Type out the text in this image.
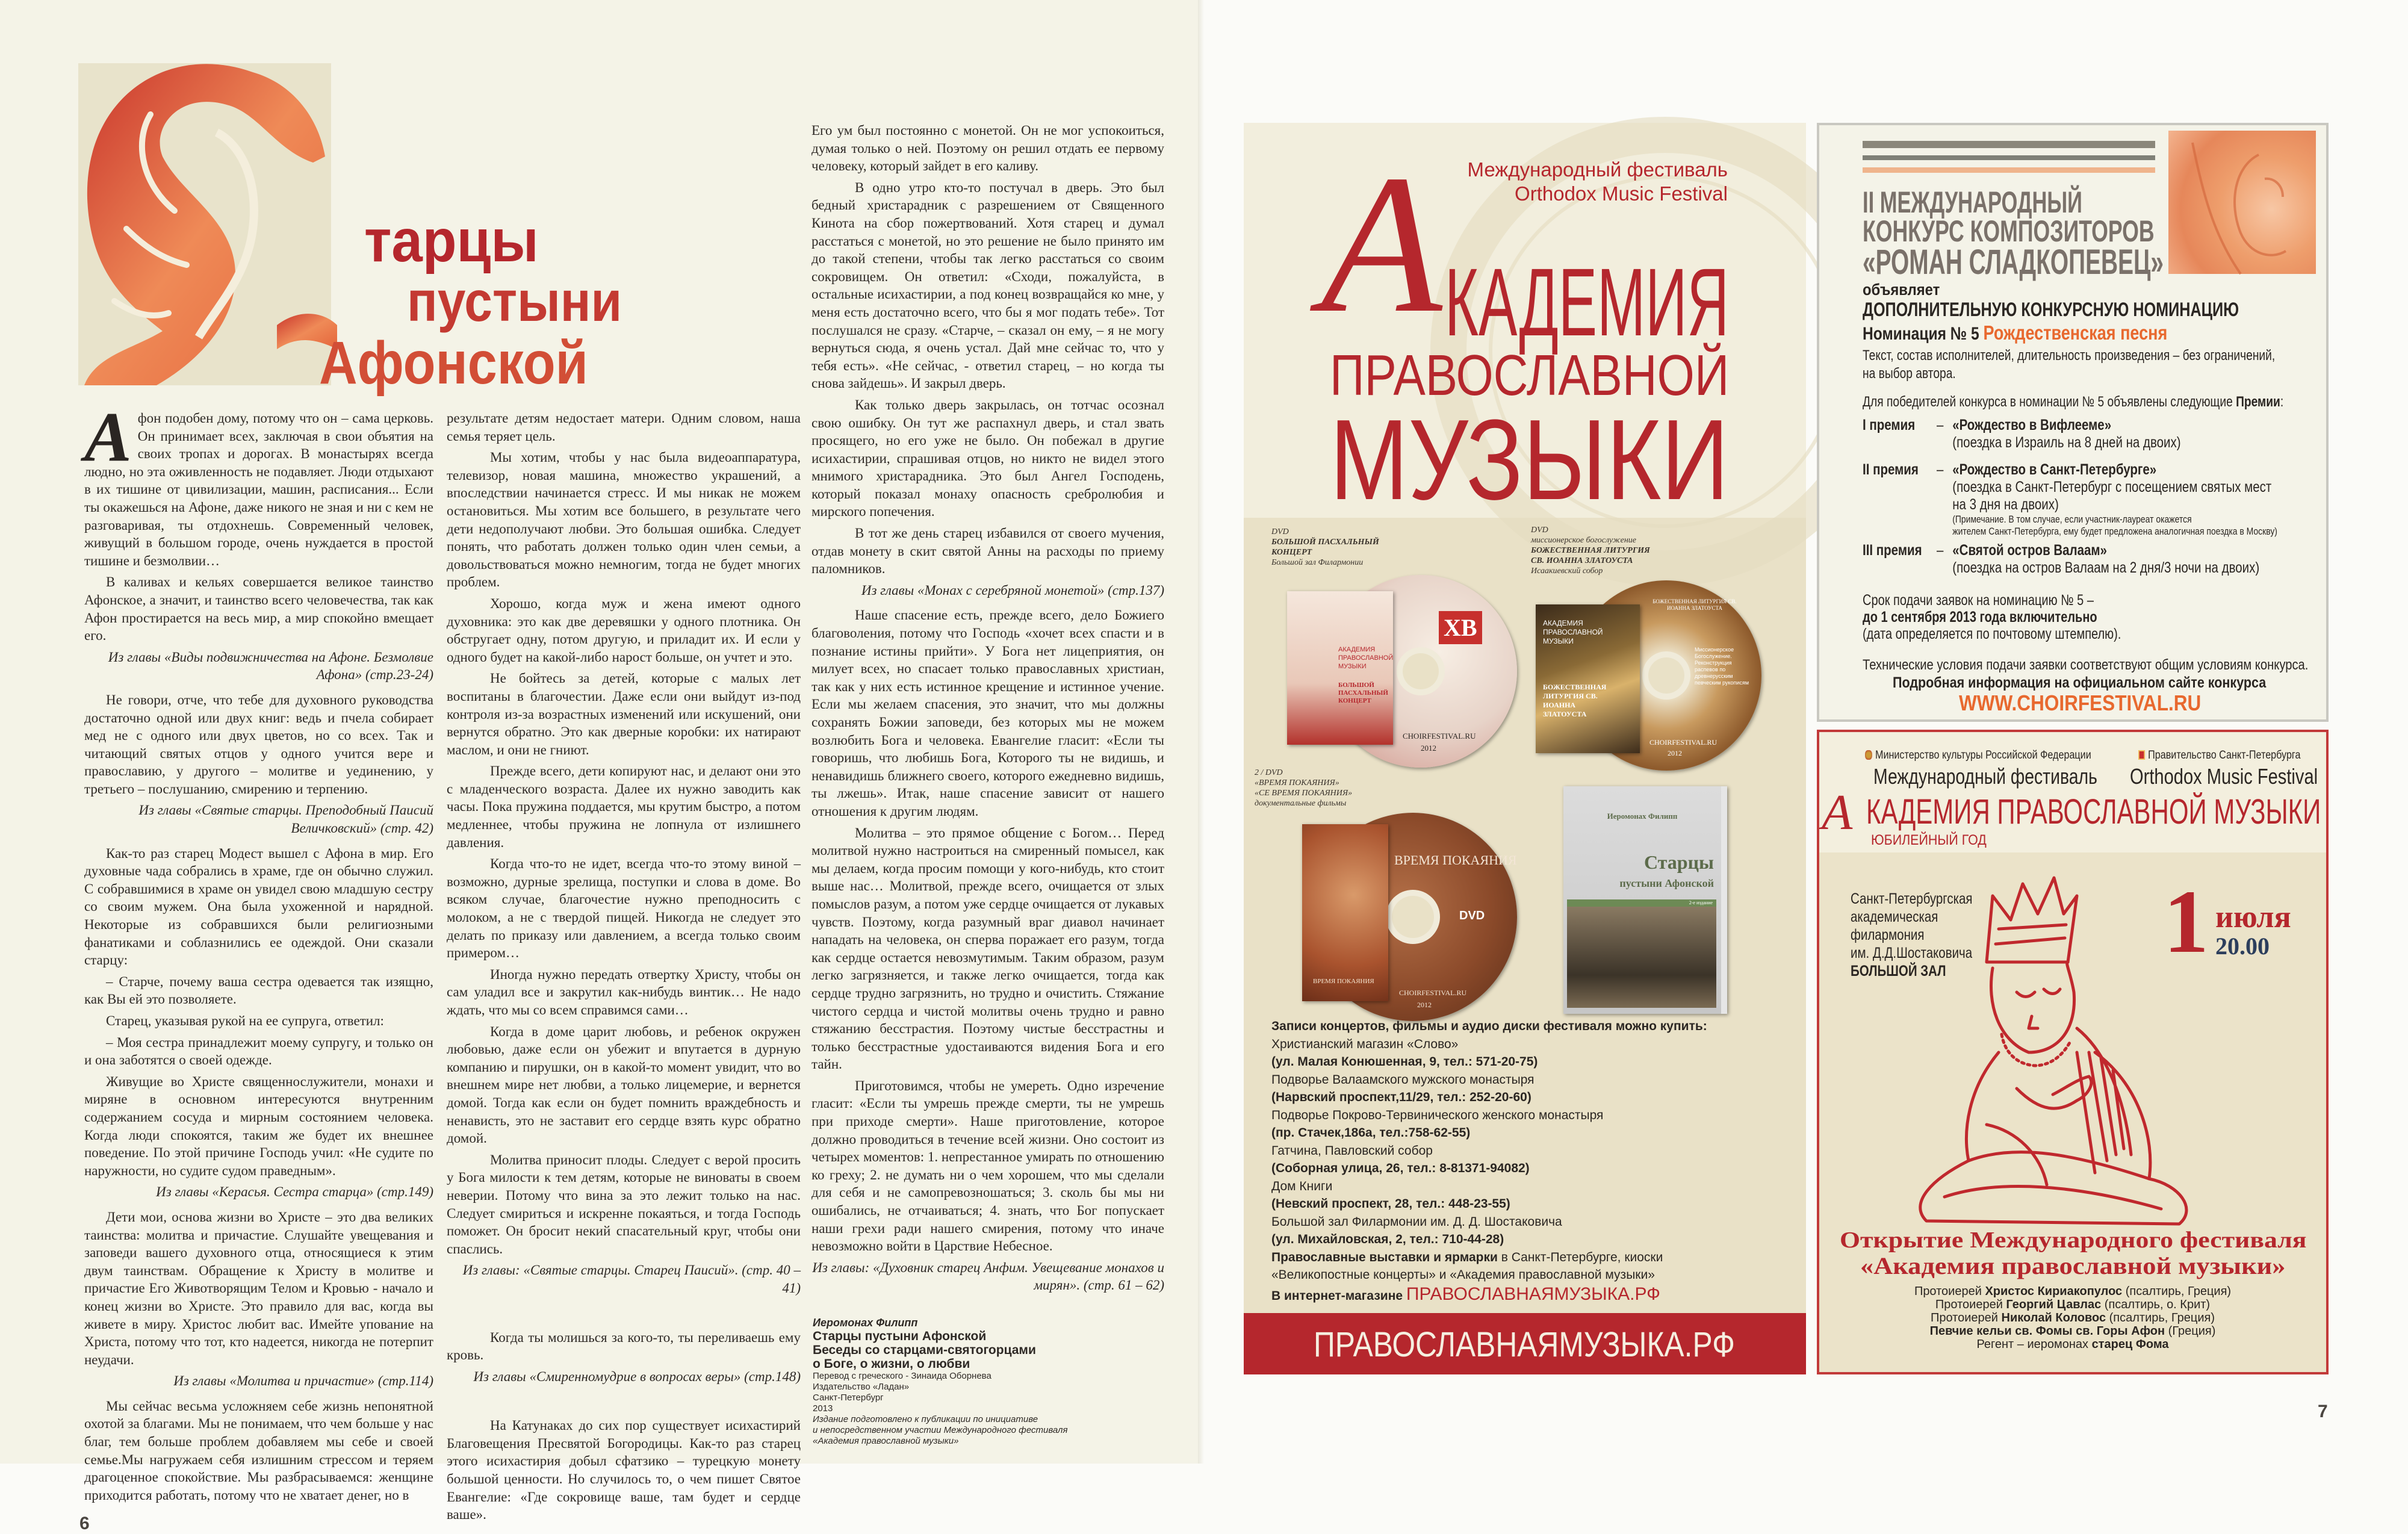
тарцы
пустыни
Афонской

Афон подобен дому, потому что он – сама церковь. Он принимает всех, заключая в свои объятия на своих тропах и дорогах. В монастырях всегда людно, но эта оживленность не подавляет. Люди отдыхают в их тишине от цивилизации, машин, расписания... Если ты окажешься на Афоне, даже никого не зная и ни с кем не разговаривая, ты отдохнешь. Современный человек, живущий в большом городе, очень нуждается в простой тишине и безмолвии…

В каливах и кельях совершается великое таинство Афонское, а значит, и таинство всего человечества, так как Афон простирается на весь мир, а мир спокойно вмещает его.

Из главы «Виды подвижничества на Афоне. Безмолвие Афона» (стр.23-24)

Не говори, отче, что тебе для духовного руководства достаточно одной или двух книг: ведь и пчела собирает мед не с одного или двух цветов, но со всех. Так и читающий святых отцов у одного учится вере и православию, у другого – молитве и уединению, у третьего – послушанию, смирению и терпению.

Из главы «Святые старцы. Преподобный Паисий Величковский» (стр. 42)

Как-то раз старец Модест вышел с Афона в мир. Его духовные чада собрались в храме, где он обычно служил. С собравшимися в храме он увидел свою младшую сестру со своим мужем. Она была ухоженной и нарядной. Некоторые из собравшихся были религиозными фанатиками и соблазнились ее одеждой. Они сказали старцу:

– Старче, почему ваша сестра одевается так изящно, как Вы ей это позволяете.

Старец, указывая рукой на ее супруга, ответил:

– Моя сестра принадлежит моему супругу, и только он и она заботятся о своей одежде.

Живущие во Христе священнослужители, монахи и миряне в основном интересуются внутренним содержанием сосуда и мирным состоянием человека. Когда люди спокоятся, таким же будет их внешнее поведение. По этой причине Господь учил: «Не судите по наружности, но судите судом праведным».

Из главы «Керасья. Сестра старца» (стр.149)

Дети мои, основа жизни во Христе – это два великих таинства: молитва и причастие. Слушайте увещевания и заповеди вашего духовного отца, относящиеся к этим двум таинствам. Обращение к Христу в молитве и причастие Его Животворящим Телом и Кровью - начало и конец жизни во Христе. Это правило для вас, когда вы живете в миру. Христос любит вас. Имейте упование на Христа, потому что тот, кто надеется, никогда не потерпит неудачи.

Из главы «Молитва и причастие» (стр.114)

Мы сейчас весьма усложняем себе жизнь непонятной охотой за благами. Мы не понимаем, что чем больше у нас благ, тем больше проблем добавляем мы себе и своей семье.Мы нагружаем себя излишним стрессом и теряем драгоценное спокойствие. Мы разбрасываемся: женщине приходится работать, потому что не хватает денег, но в

результате детям недостает матери. Одним словом, наша семья теряет цель.

Мы хотим, чтобы у нас была видеоаппаратура, телевизор, новая машина, множество украшений, а впоследствии начинается стресс. И мы никак не можем остановиться. Мы хотим все большего, в результате чего дети недополучают любви. Это большая ошибка. Следует понять, что работать должен только один член семьи, а довольствоваться можно немногим, тогда не будет многих проблем.

Хорошо, когда муж и жена имеют одного духовника: это как две деревяшки у одного плотника. Он обстругает одну, потом другую, и приладит их. И если у одного будет на какой-либо нарост больше, он учтет и это.

Не бойтесь за детей, которые с малых лет воспитаны в благочестии. Даже если они выйдут из-под контроля из-за возрастных изменений или искушений, они вернутся обратно. Это как дверные коробки: их натирают маслом, и они не гниют.

Прежде всего, дети копируют нас, и делают они это с младенческого возраста. Далее их нужно заводить как часы. Пока пружина поддается, мы крутим быстро, а потом медленнее, чтобы пружина не лопнула от излишнего давления.

Когда что-то не идет, всегда что-то этому виной – возможно, дурные зрелища, поступки и слова в доме. Во всяком случае, благочестие нужно преподносить с молоком, а не с твердой пищей. Никогда не следует это делать по приказу или давлением, а всегда только своим примером…

Иногда нужно передать отвертку Христу, чтобы он сам уладил все и закрутил как-нибудь винтик… Не надо ждать, что мы со всем справимся сами…

Когда в доме царит любовь, и ребенок окружен любовью, даже если он убежит и впутается в дурную компанию и пирушки, он в какой-то момент увидит, что во внешнем мире нет любви, а только лицемерие, и вернется домой. Тогда как если он будет помнить враждебность и ненависть, это не заставит его сердце взять курс обратно домой.

Молитва приносит плоды. Следует с верой просить у Бога милости к тем детям, которые не виноваты в своем неверии. Потому что вина за это лежит только на нас. Следует смириться и искренне покаяться, и тогда Господь поможет. Он бросит некий спасательный круг, чтобы они спаслись.

Из главы: «Святые старцы. Старец Паисий». (стр. 40 – 41)

Когда ты молишься за кого-то, ты переливаешь ему кровь.

Из главы «Смиренномудрие в вопросах веры» (стр.148)

На Катунаках до сих пор существует исихастирий Благовещения Пресвятой Богородицы. Как-то раз старец этого исихастирия добыл сфатзико – турецкую монету большой ценности. Но случилось то, о чем пишет Святое Евангелие: «Где сокровище ваше, там будет и сердце ваше».

Его ум был постоянно с монетой. Он не мог успокоиться, думая только о ней. Поэтому он решил отдать ее первому человеку, который зайдет в его каливу.

В одно утро кто-то постучал в дверь. Это был бедный христарадник с разрешением от Священного Кинота на сбор пожертвований. Хотя старец и думал расстаться с монетой, но это решение не было принято им до такой степени, чтобы так легко расстаться со своим сокровищем. Он ответил: «Сходи, пожалуйста, в остальные исихастирии, а под конец возвращайся ко мне, у меня есть достаточно всего, что бы я мог подать тебе». Тот послушался не сразу. «Старче, – сказал он ему, – я не могу вернуться сюда, я очень устал. Дай мне сейчас то, что у тебя есть». «Не сейчас, - ответил старец, – но когда ты снова зайдешь». И закрыл дверь.

Как только дверь закрылась, он тотчас осознал свою ошибку. Он тут же распахнул дверь, и стал звать просящего, но его уже не было. Он побежал в другие исихастирии, спрашивая отцов, но никто не видел этого мнимого христарадника. Это был Ангел Господень, который показал монаху опасность сребролюбия и мирского попечения.

В тот же день старец избавился от своего мучения, отдав монету в скит святой Анны на расходы по приему паломников.

Из главы «Монах с серебряной монетой» (стр.137)

Наше спасение есть, прежде всего, дело Божиего благоволения, потому что Господь «хочет всех спасти и в познание истины прийти». У Бога нет лицеприятия, он милует всех, но спасает только православных христиан, так как у них есть истинное крещение и истинное учение. Если мы желаем спасения, это значит, что мы должны сохранять Божии заповеди, без которых мы не можем возлюбить Бога и человека. Евангелие гласит: «Если ты говоришь, что любишь Бога, Которого ты не видишь, и ненавидишь ближнего своего, которого ежедневно видишь, ты лжешь». Итак, наше спасение зависит от нашего отношения к другим людям.

Молитва – это прямое общение с Богом… Перед молитвой нужно настроиться на смиренный помысел, как мы делаем, когда просим помощи у кого-нибудь, кто стоит выше нас… Молитвой, прежде всего, очищается от злых помыслов разум, а потом уже сердце очищается от лукавых чувств. Поэтому, когда разумный враг диавол начинает нападать на человека, он сперва поражает его разум, тогда как сердце остается невозмутимым. Таким образом, разум легко загрязняется, и также легко очищается, тогда как сердце трудно загрязнить, но трудно и очистить. Стяжание чистого сердца и чистой молитвы очень трудно и равно стяжанию бесстрастия. Поэтому чистые бесстрастны и только бесстрастные удостаиваются видения Бога и его тайн.

Приготовимся, чтобы не умереть. Одно изречение гласит: «Если ты умрешь прежде смерти, ты не умрешь при приходе смерти». Наше приготовление, которое должно проводиться в течение всей жизни. Оно состоит из четырех моментов: 1. непрестанное умирать по отношению ко греху; 2. не думать ни о чем хорошем, что мы сделали для себя и не самопревозношаться; 3. сколь бы мы ни ошибались, не отчаиваться; 4. знать, что Бог попускает наши грехи ради нашего смирения, потому что иначе невозможно войти в Царствие Небесное.

Из главы: «Духовник старец Анфим. Увещевание монахов и мирян». (стр. 61 – 62)

Иеромонах Филипп
Старцы пустыни Афонской
Беседы со старцами-святогорцами
о Боге, о жизни, о любви
Перевод с греческого - Зинаида Оборнева
Издательство «Ладан»
Санкт-Петербург
2013
Издание подготовлено к публикации по инициативе
и непосредственном участии Международного фестиваля
«Академия православной музыки»
6
7
Международный фестиваль
Orthodox Music Festival
А КАДЕМИЯ
ПРАВОСЛАВНОЙ
МУЗЫКИ
DVD
БОЛЬШОЙ ПАСХАЛЬНЫЙ
КОНЦЕРТ
Большой зал Филармонии
ХВ
CHOIRFESTIVAL.RU
2012
АКАДЕМИЯ ПРАВОСЛАВНОЙ МУЗЫКИ
БОЛЬШОЙ ПАСХАЛЬНЫЙ КОНЦЕРТ
DVD
миссионерское богослужение
БОЖЕСТВЕННАЯ ЛИТУРГИЯ
СВ. ИОАННА ЗЛАТОУСТА
Исаакиевский собор
Миссионерское Богослужение. Реконструкция распевов по древнерусским певческим рукописям
БОЖЕСТВЕННАЯ ЛИТУРГИЯ СВ. ИОАННА ЗЛАТОУСТА
CHOIRFESTIVAL.RU
2012
АКАДЕМИЯ ПРАВОСЛАВНОЙ МУЗЫКИ
БОЖЕСТВЕННАЯ ЛИТУРГИЯ СВ. ИОАННА ЗЛАТОУСТА
2 / DVD
«ВРЕМЯ ПОКАЯНИЯ»
«СЕ ВРЕМЯ ПОКАЯНИЯ»
документальные фильмы
ВРЕМЯ ПОКАЯНИЯ
DVD
CHOIRFESTIVAL.RU
2012
ВРЕМЯ ПОКАЯНИЯ
Иеромонах Филипп
Старцы
пустыни Афонской
2-е издание
Записи концертов, фильмы и аудио диски фестиваля можно купить:
Христианский магазин «Слово»
(ул. Малая Конюшенная, 9, тел.: 571-20-75)
Подворье Валаамского мужского монастыря
(Нарвский проспект,11/29, тел.: 252-20-60)
Подворье Покрово-Тервинического женского монастыря
(пр. Стачек,186а, тел.:758-62-55)
Гатчина, Павловский собор
(Соборная улица, 26, тел.: 8-81371-94082)
Дом Книги
(Невский проспект, 28, тел.: 448-23-55)
Большой зал Филармонии им. Д. Д. Шостаковича
(ул. Михайловская, 2, тел.: 710-44-28)
Православные выставки и ярмарки в Санкт-Петербурге, киоски
«Великопостные концерты» и «Академия православной музыки»
В интернет-магазине ПРАВОСЛАВНАЯМУЗЫКА.РФ
ПРАВОСЛАВНАЯМУЗЫКА.РФ
II МЕЖДУНАРОДНЫЙ
КОНКУРС КОМПОЗИТОРОВ
«РОМАН СЛАДКОПЕВЕЦ»
объявляет
ДОПОЛНИТЕЛЬНУЮ КОНКУРСНУЮ НОМИНАЦИЮ
Номинация № 5 Рождественская песня
Текст, состав исполнителей, длительность произведения – без ограничений,
на выбор автора.
Для победителей конкурса в номинации № 5 объявлены следующие Премии:
I премия – «Рождество в Вифлееме»
(поездка в Израиль на 8 дней на двоих)
II премия – «Рождество в Санкт-Петербурге»
(поездка в Санкт-Петербург с посещением святых мест
на 3 дня на двоих)
(Примечание. В том случае, если участник-лауреат окажется
жителем Санкт-Петербурга, ему будет предложена аналогичная поездка в Москву)
III премия – «Святой остров Валаам»
(поездка на остров Валаам на 2 дня/3 ночи на двоих)
Срок подачи заявок на номинацию № 5 –
до 1 сентября 2013 года включительно
(дата определяется по почтовому штемпелю).
Технические условия подачи заявки соответствуют общим условиям конкурса.
Подробная информация на официальном сайте конкурса
WWW.CHOIRFESTIVAL.RU
Министерство культуры Российской Федерации	Правительство Санкт-Петербурга
Международный фестиваль Orthodox Music Festival
А КАДЕМИЯ ПРАВОСЛАВНОЙ МУЗЫКИ
ЮБИЛЕЙНЫЙ ГОД
Санкт-Петербургская
академическая
филармония
им. Д.Д.Шостаковича
БОЛЬШОЙ ЗАЛ 1 июля
20.00
Открытие Международного фестиваля
«Академия православной музыки»
Протоиерей Христос Кириакопулос (псалтирь, Греция)
Протоиерей Георгий Цавлас (псалтирь, о. Крит)
Протоиерей Николай Коловос (псалтирь, Греция)
Певчие кельи св. Фомы св. Горы Афон (Греция)
Регент – иеромонах старец Фома
